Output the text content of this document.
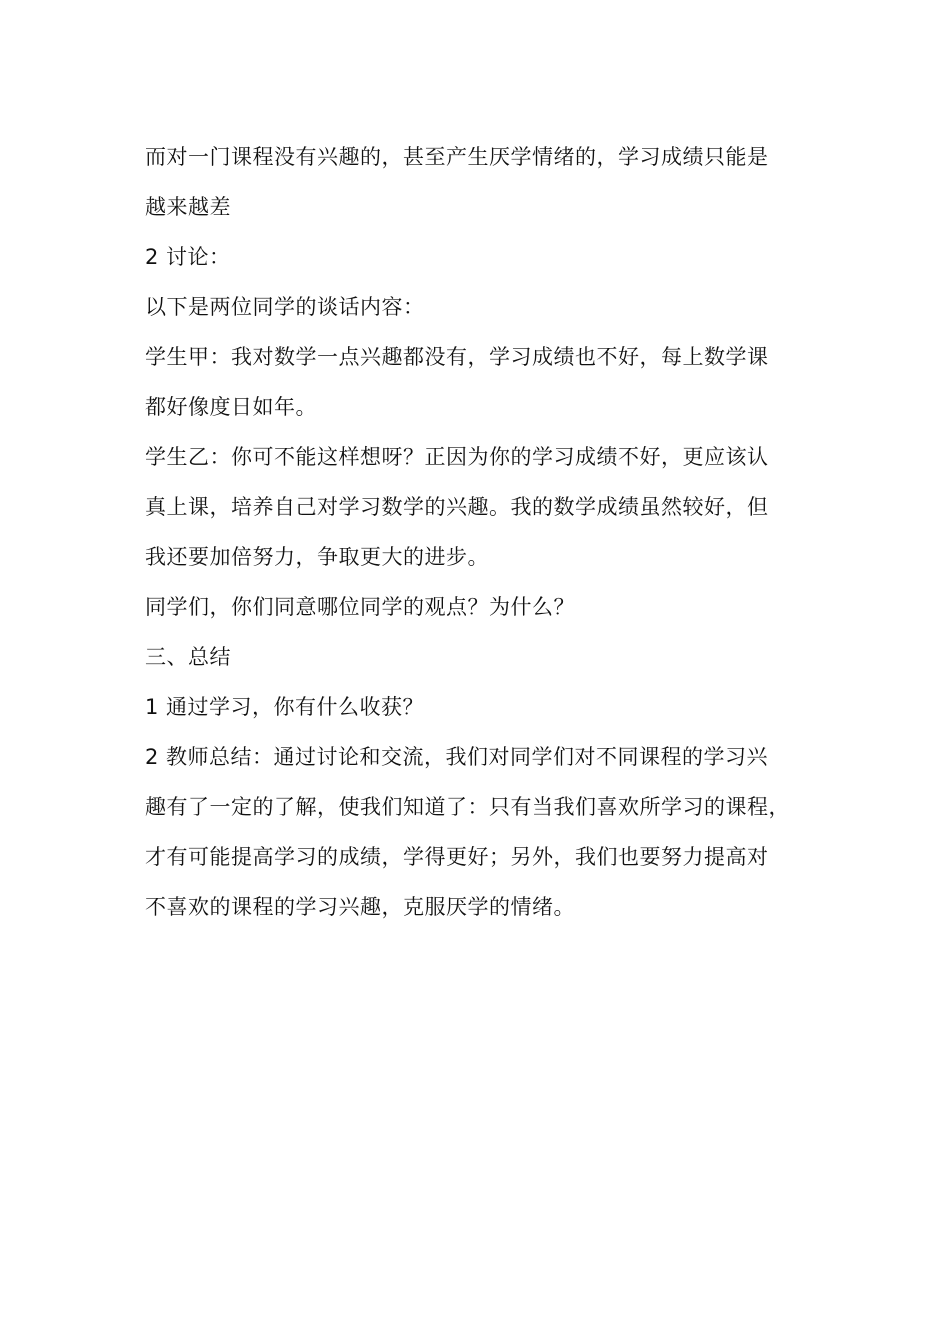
而对一门课程没有兴趣的，甚至产生厌学情绪的，学习成绩只能是
越来越差
2 讨论：
以下是两位同学的谈话内容：
学生甲：我对数学一点兴趣都没有，学习成绩也不好，每上数学课
都好像度日如年。
学生乙：你可不能这样想呀？正因为你的学习成绩不好，更应该认
真上课，培养自己对学习数学的兴趣。我的数学成绩虽然较好，但
我还要加倍努力，争取更大的进步。
同学们，你们同意哪位同学的观点？为什么？
三、总结
1 通过学习，你有什么收获？
2 教师总结：通过讨论和交流，我们对同学们对不同课程的学习兴
趣有了一定的了解，使我们知道了：只有当我们喜欢所学习的课程，
才有可能提高学习的成绩，学得更好；另外，我们也要努力提高对
不喜欢的课程的学习兴趣，克服厌学的情绪。
